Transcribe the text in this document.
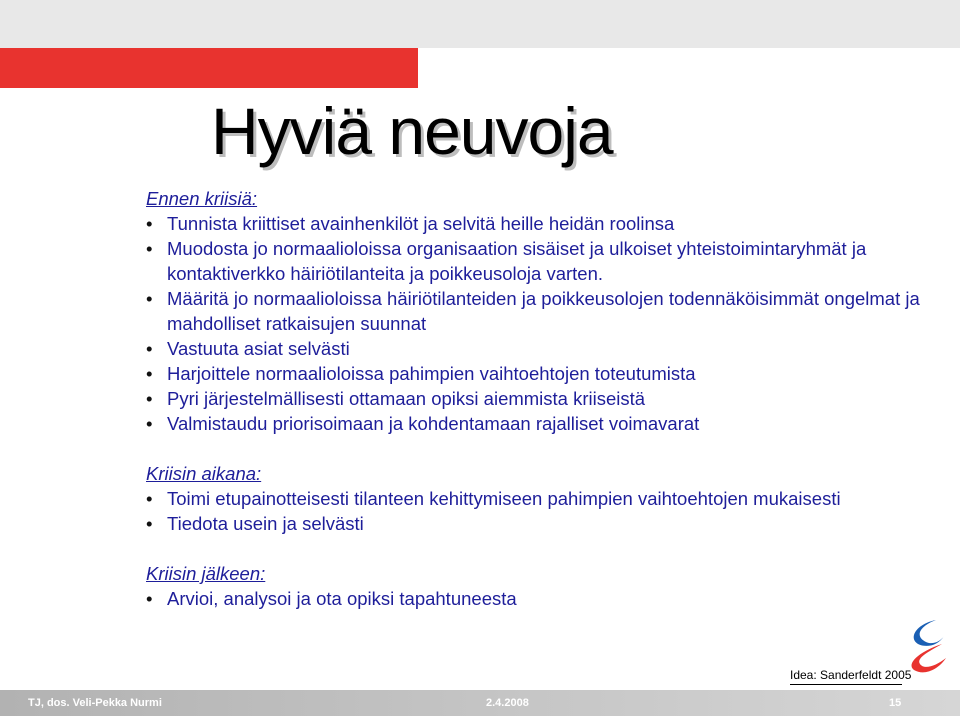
Hyviä neuvoja

Ennen kriisiä:

• Tunnista kriittiset avainhenkilöt ja selvitä heille heidän roolinsa
• Muodosta jo normaalioloissa organisaation sisäiset ja ulkoiset yhteistoimintaryhmät ja kontaktiverkko häiriötilanteita ja poikkeusoloja varten.
• Määritä jo normaalioloissa häiriötilanteiden ja poikkeusolojen todennäköisimmät ongelmat ja mahdolliset ratkaisujen suunnat
• Vastuuta asiat selvästi
• Harjoittele normaalioloissa pahimpien vaihtoehtojen toteutumista
• Pyri järjestelmällisesti ottamaan opiksi aiemmista kriiseistä
• Valmistaudu priorisoimaan ja kohdentamaan rajalliset voimavarat

Kriisin aikana:

• Toimi etupainotteisesti tilanteen kehittymiseen pahimpien vaihtoehtojen mukaisesti
• Tiedota usein ja selvästi

Kriisin jälkeen:

• Arvioi, analysoi ja ota opiksi tapahtuneesta
Idea: Sanderfeldt 2005
TJ, dos. Veli-Pekka Nurmi	2.4.2008	15
